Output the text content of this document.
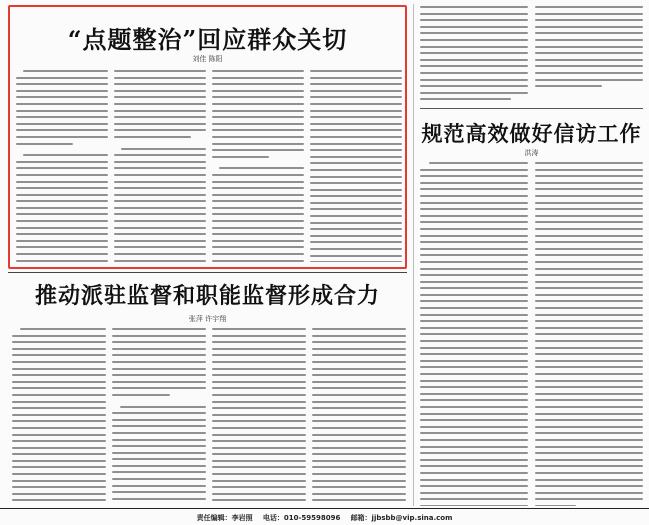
“点题整治”回应群众关切
刘佳 陈阳
推动派驻监督和职能监督形成合力
张萍 许宇翔
规范高效做好信访工作
洪涛
责任编辑：李岩照 电话：010-59598096 邮箱：jjbsbb@vip.sina.com
